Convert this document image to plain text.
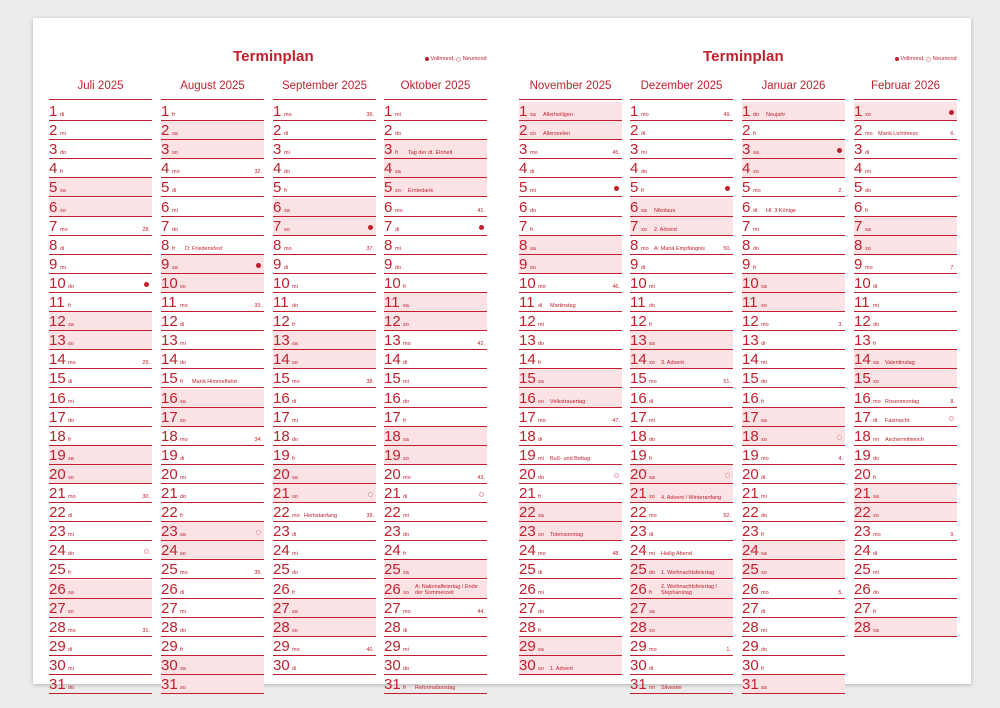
Terminplan	Vollmond, Neumond	Terminplan	Vollmond, Neumond
Juli 2025
1 di
2 mi
3 do
4 fr
5 sa
6 so
7 mo	28.
8 di
9 mi
10 do
11 fr
12 sa
13 so
14 mo	29.
15 di
16 mi
17 do
18 fr
19 sa
20 so
21 mo	30.
22 di
23 mi
24 do
25 fr
26 sa
27 so
28 mo	31.
29 di
30 mi
31 do
August 2025
1 fr
2 sa
3 so
4 mo	32.
5 di
6 mi
7 do
8 fr D: Friedensfest
9 sa
10 so
11 mo	33.
12 di
13 mi
14 do
15 fr Mariä Himmelfahrt
16 sa
17 so
18 mo	34.
19 di
20 mi
21 do
22 fr
23 sa
24 so
25 mo	35.
26 di
27 mi
28 do
29 fr
30 sa
31 so
September 2025
1 mo	36.
2 di
3 mi
4 do
5 fr
6 sa
7 so
8 mo	37.
9 di
10 mi
11 do
12 fr
13 sa
14 so
15 mo	38.
16 di
17 mi
18 do
19 fr
20 sa
21 so
22 mo Herbstanfang	39.
23 di
24 mi
25 do
26 fr
27 sa
28 so
29 mo	40.
30 di
Oktober 2025
1 mi
2 do
3 fr Tag der dt. Einheit
4 sa
5 so Erntedank
6 mo	41.
7 di
8 mi
9 do
10 fr
11 sa
12 so
13 mo	42.
14 di
15 mi
16 do
17 fr
18 sa
19 so
20 mo	43.
21 di
22 mi
23 do
24 fr
25 sa
26 so
A: Nationalfeiertag / Ende der Sommerzeit
27 mo	44.
28 di
29 mi
30 do
31 fr Reformationstag
November 2025
1 sa Allerheiligen
2 so Allerseelen
3 mo	45.
4 di
5 mi
6 do
7 fr
8 sa
9 so
10 mo	46.
11 di Martinstag
12 mi
13 do
14 fr
15 sa
16 so Volkstrauertag
17 mo	47.
18 di
19 mi Buß- und Bettag
20 do
21 fr
22 sa
23 so Totensonntag
24 mo	48.
25 di
26 mi
27 do
28 fr
29 sa
30 so 1. Advent
Dezember 2025
1 mo	49.
2 di
3 mi
4 do
5 fr
6 sa Nikolaus
7 so 2. Advent
8 mo A: Mariä Empfängnis	50.
9 di
10 mi
11 do
12 fr
13 sa
14 so 3. Advent
15 mo	51.
16 di
17 mi
18 do
19 fr
20 sa
21 so 4. Advent / Winteranfang
22 mo	52.
23 di
24 mi Heilig Abend
25 do 1. Weihnachtsfeiertag
26 fr
2. Weihnachtsfeiertag / Stephanstag
27 sa
28 so
29 mo	1.
30 di
31 mi Silvester
Januar 2026
1 do Neujahr
2 fr
3 sa
4 so
5 mo	2.
6 di Hl. 3 Könige
7 mi
8 do
9 fr
10 sa
11 so
12 mo	3.
13 di
14 mi
15 do
16 fr
17 sa
18 so
19 mo	4.
20 di
21 mi
22 do
23 fr
24 sa
25 so
26 mo	5.
27 di
28 mi
29 do
30 fr
31 sa
Februar 2026
1 so
2 mo Mariä Lichtmess	6.
3 di
4 mi
5 do
6 fr
7 sa
8 so
9 mo	7.
10 di
11 mi
12 do
13 fr
14 sa Valentinstag
15 so
16 mo Rosenmontag	8.
17 di Fastnacht
18 mi Aschermittwoch
19 do
20 fr
21 sa
22 so
23 mo	9.
24 di
25 mi
26 do
27 fr
28 sa
